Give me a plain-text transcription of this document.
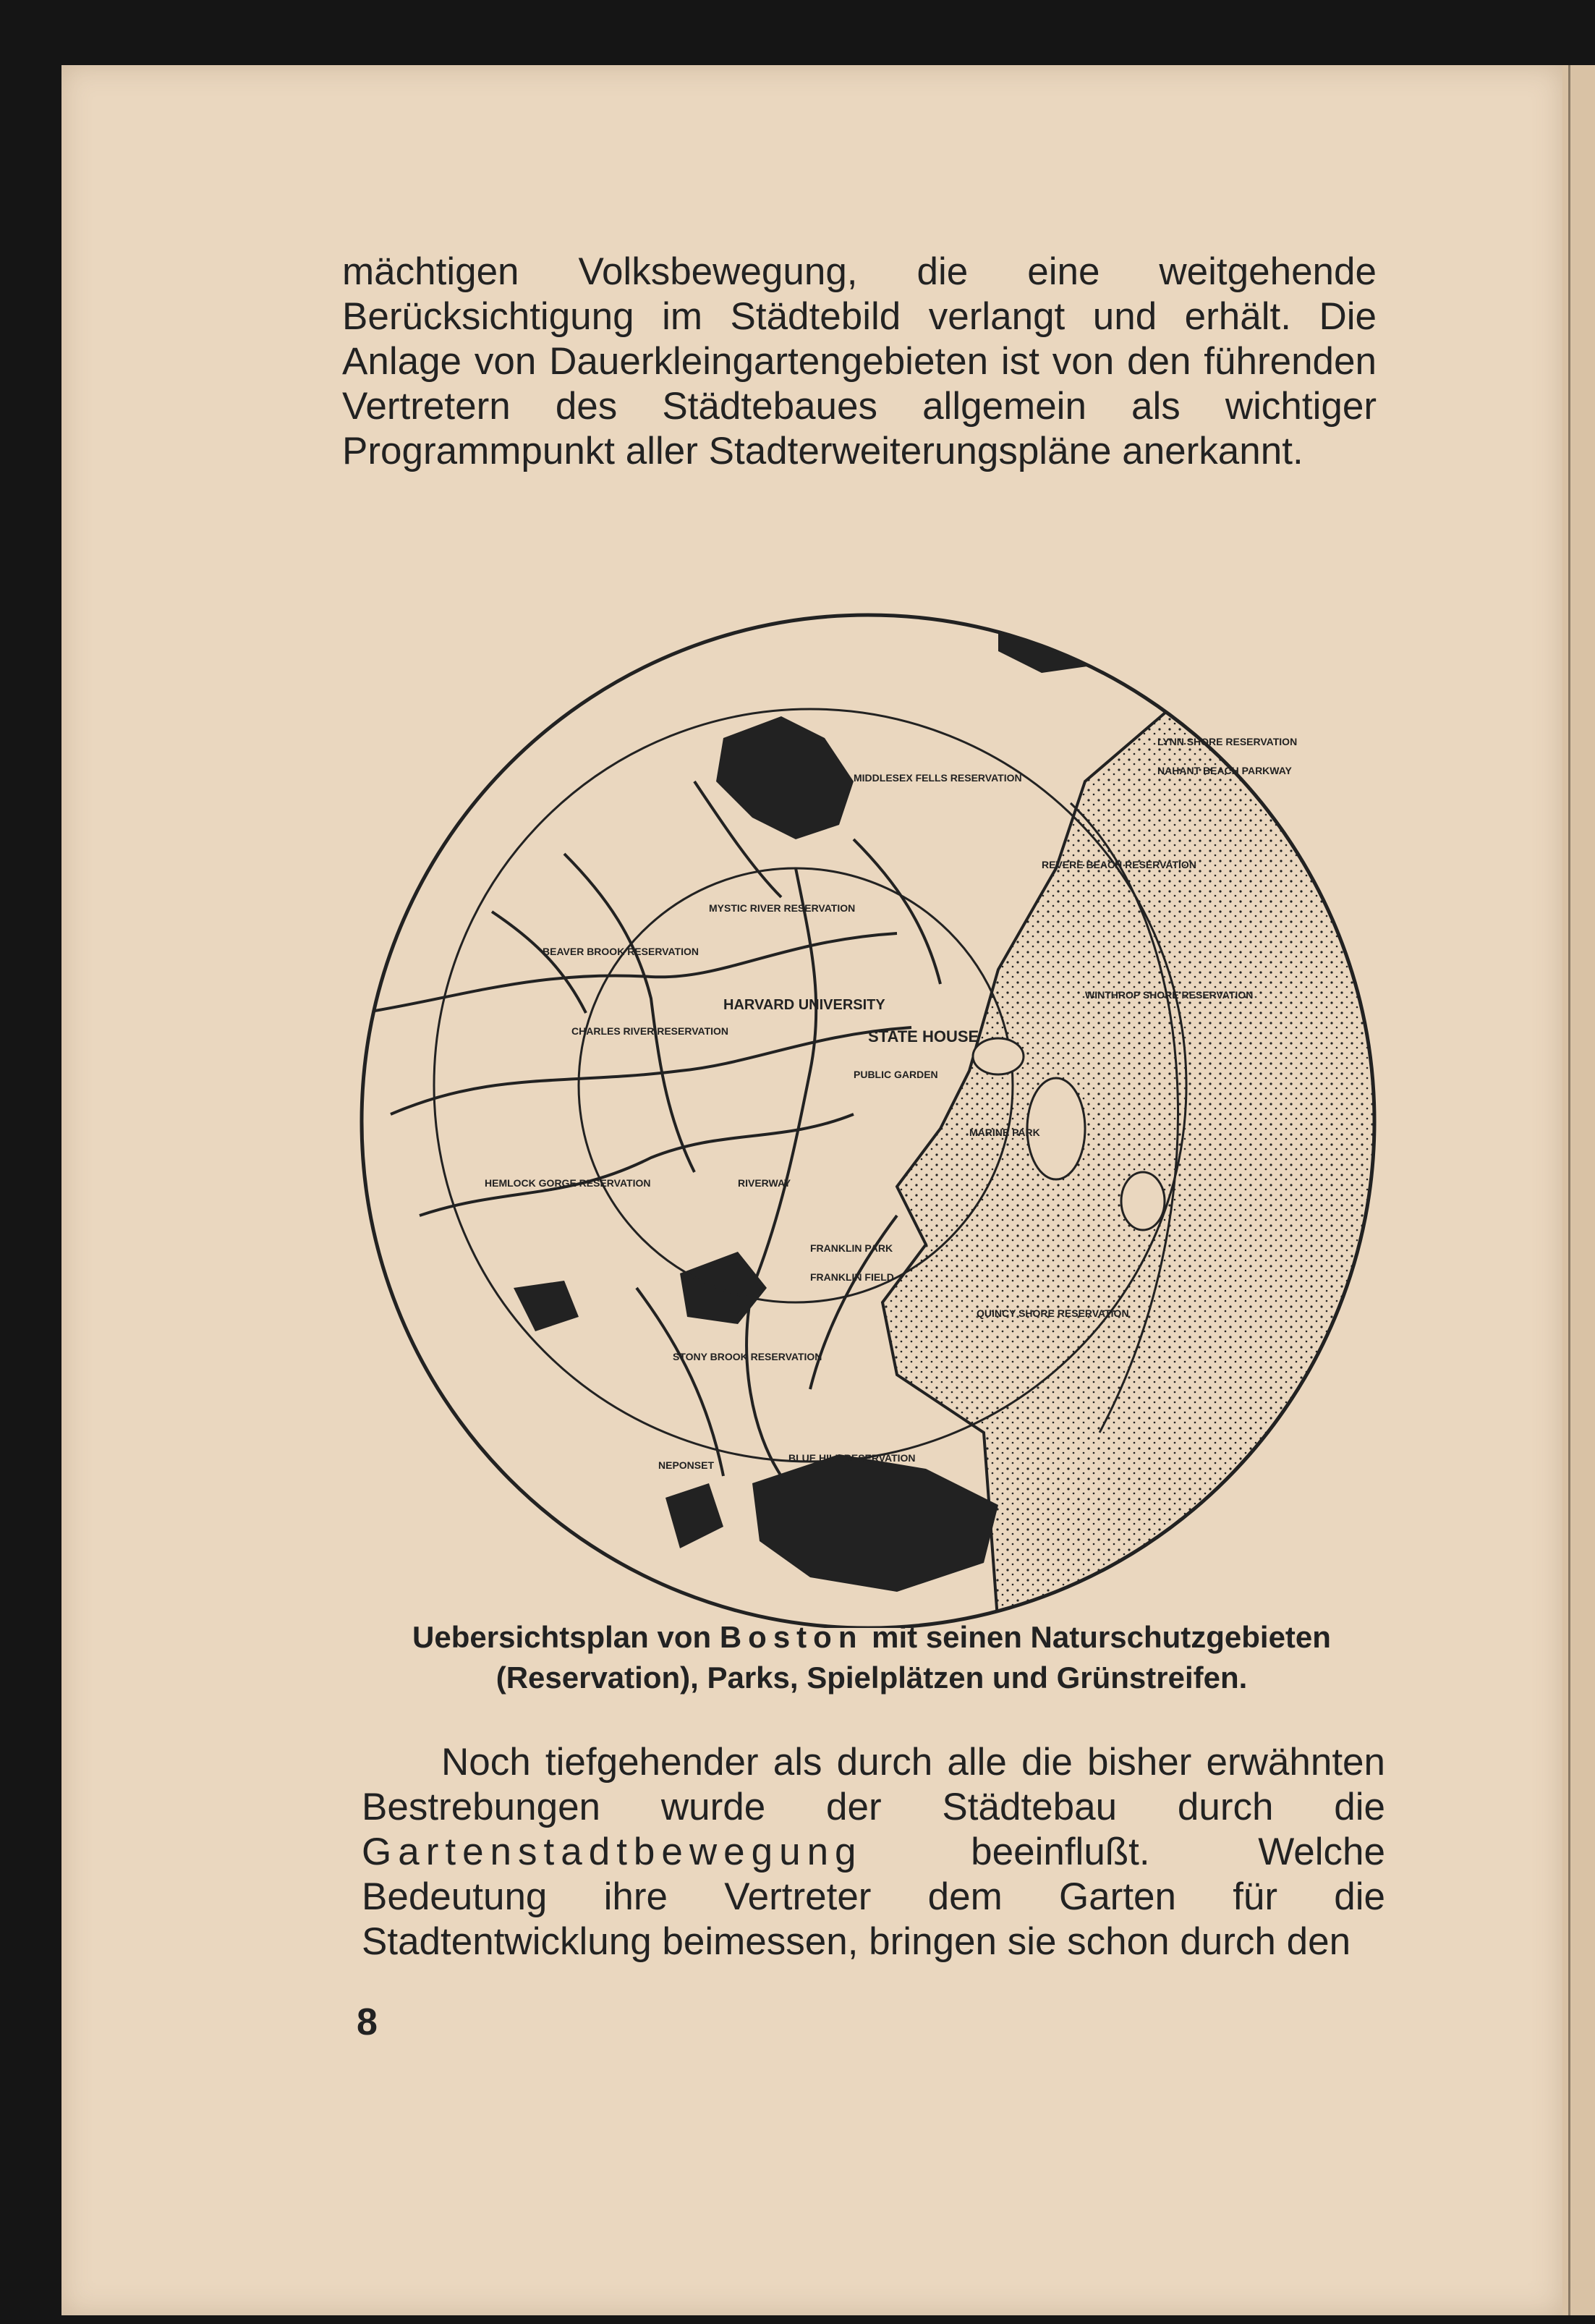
mächtigen Volksbewegung, die eine weitgehende Berücksichtigung im Städtebild verlangt und erhält. Die Anlage von Dauerkleingartengebieten ist von den führenden Vertretern des Städtebaues allgemein als wichtiger Programmpunkt aller Stadterweiterungspläne anerkannt.

MIDDLESEX FELLS RESERVATION
LYNN SHORE RESERVATION
NAHANT BEACH PARKWAY
REVERE BEACH RESERVATION
MYSTIC RIVER RESERVATION
BEAVER BROOK RESERVATION
HARVARD UNIVERSITY
CHARLES RIVER RESERVATION
WINTHROP SHORE RESERVATION
STATE HOUSE
PUBLIC GARDEN
MARINE PARK
HEMLOCK GORGE RESERVATION
FRANKLIN PARK
FRANKLIN FIELD
QUINCY SHORE RESERVATION
STONY BROOK RESERVATION
BLUE HILL RESERVATION
NEPONSET
RIVERWAY
Uebersichtsplan von Boston mit seinen Naturschutzgebieten
(Reservation), Parks, Spielplätzen und Grünstreifen.

Noch tiefgehender als durch alle die bisher erwähnten Bestrebungen wurde der Städtebau durch die Gartenstadtbewegung	beeinflußt. Welche Bedeutung ihre Vertreter dem Garten für die Stadtentwicklung beimessen, bringen sie schon durch den

8
